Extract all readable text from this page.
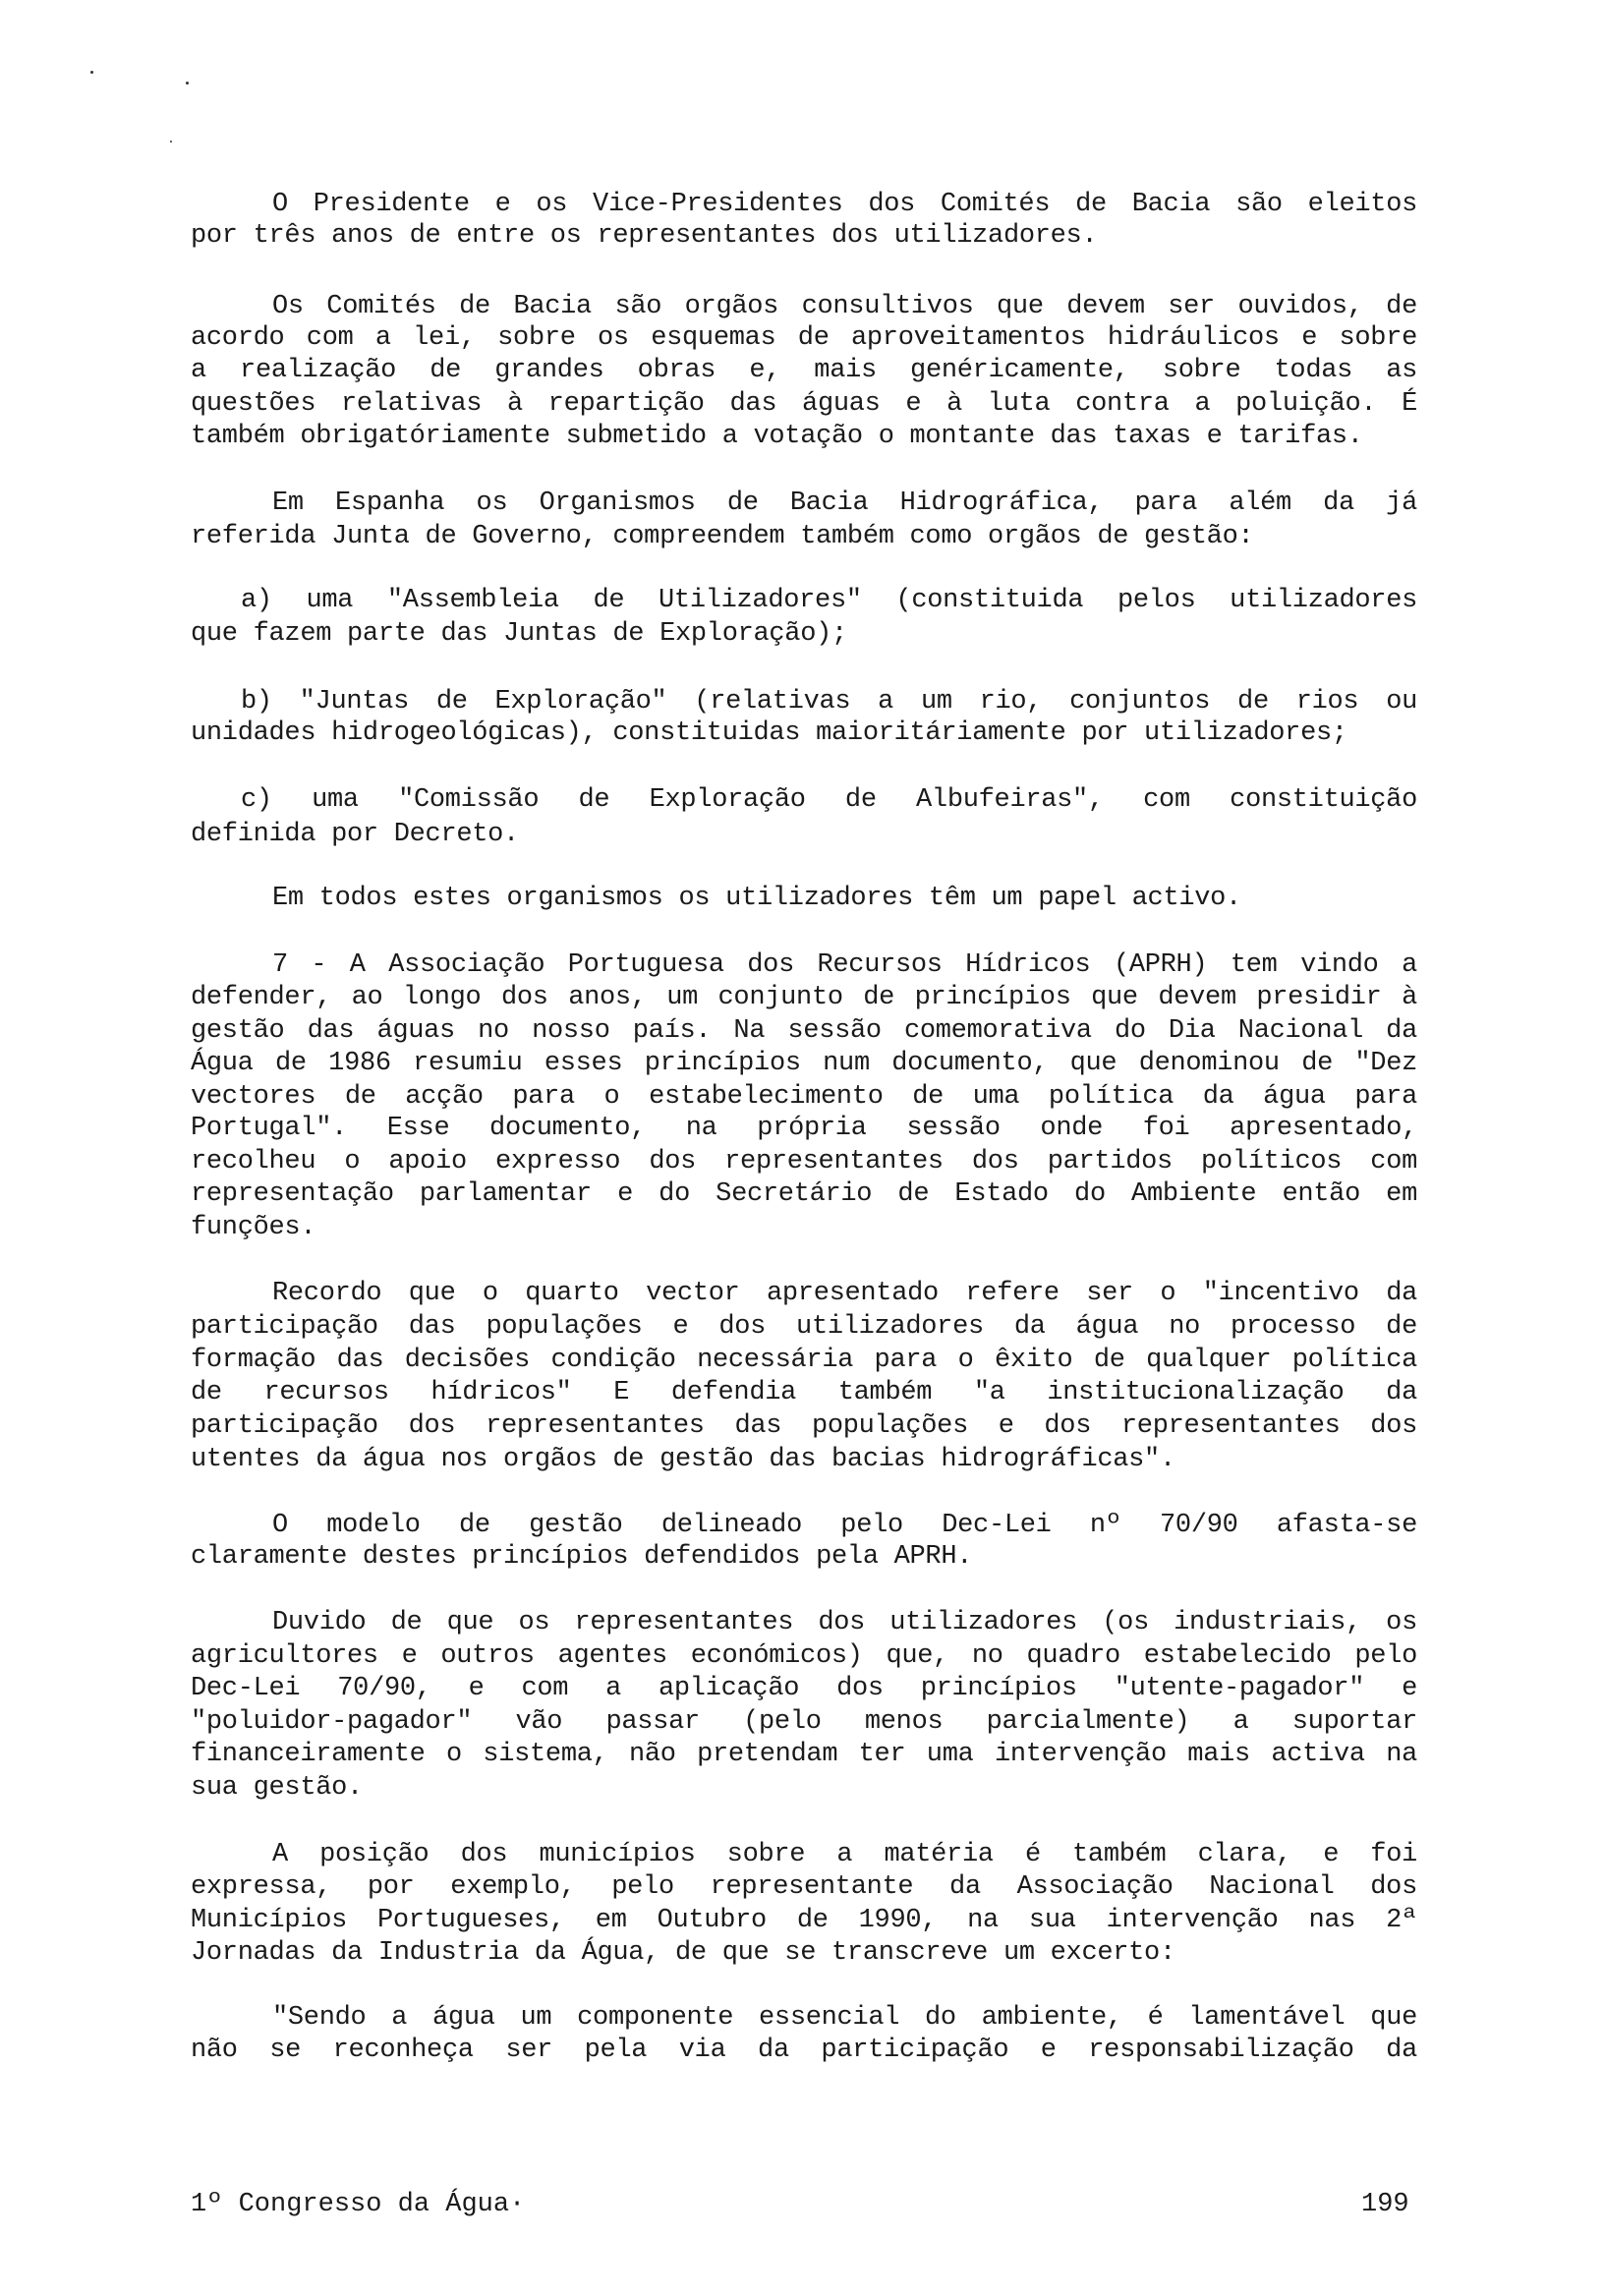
O Presidente e os Vice-Presidentes dos Comités de Bacia são eleitos
por três anos de entre os representantes dos utilizadores.
Os Comités de Bacia são orgãos consultivos que devem ser ouvidos, de
acordo com a lei, sobre os esquemas de aproveitamentos hidráulicos e sobre
a realização de grandes obras e, mais genéricamente, sobre todas as
questões relativas à repartição das águas e à luta contra a poluição. É
também obrigatóriamente submetido a votação o montante das taxas e tarifas.
Em Espanha os Organismos de Bacia Hidrográfica, para além da já
referida Junta de Governo, compreendem também como orgãos de gestão:
a) uma "Assembleia de Utilizadores" (constituida pelos utilizadores
que fazem parte das Juntas de Exploração);
b) "Juntas de Exploração" (relativas a um rio, conjuntos de rios ou
unidades hidrogeológicas), constituidas maioritáriamente por utilizadores;
c) uma "Comissão de Exploração de Albufeiras", com constituição
definida por Decreto.
Em todos estes organismos os utilizadores têm um papel activo.
7 - A Associação Portuguesa dos Recursos Hídricos (APRH) tem vindo a
defender, ao longo dos anos, um conjunto de princípios que devem presidir à
gestão das águas no nosso país. Na sessão comemorativa do Dia Nacional da
Água de 1986 resumiu esses princípios num documento, que denominou de "Dez
vectores de acção para o estabelecimento de uma política da água para
Portugal". Esse documento, na própria sessão onde foi apresentado,
recolheu o apoio expresso dos representantes dos partidos políticos com
representação parlamentar e do Secretário de Estado do Ambiente então em
funções.
Recordo que o quarto vector apresentado refere ser o "incentivo da
participação das populações e dos utilizadores da água no processo de
formação das decisões condição necessária para o êxito de qualquer política
de recursos hídricos" E defendia também "a institucionalização da
participação dos representantes das populações e dos representantes dos
utentes da água nos orgãos de gestão das bacias hidrográficas".
O modelo de gestão delineado pelo Dec-Lei nº 70/90 afasta-se
claramente destes princípios defendidos pela APRH.
Duvido de que os representantes dos utilizadores (os industriais, os
agricultores e outros agentes económicos) que, no quadro estabelecido pelo
Dec-Lei 70/90, e com a aplicação dos princípios "utente-pagador" e
"poluidor-pagador" vão passar (pelo menos parcialmente) a suportar
financeiramente o sistema, não pretendam ter uma intervenção mais activa na
sua gestão.
A posição dos municípios sobre a matéria é também clara, e foi
expressa, por exemplo, pelo representante da Associação Nacional dos
Municípios Portugueses, em Outubro de 1990, na sua intervenção nas 2ª
Jornadas da Industria da Água, de que se transcreve um excerto:
"Sendo a água um componente essencial do ambiente, é lamentável que
não se reconheça ser pela via da participação e responsabilização da
1º Congresso da Água·	199
